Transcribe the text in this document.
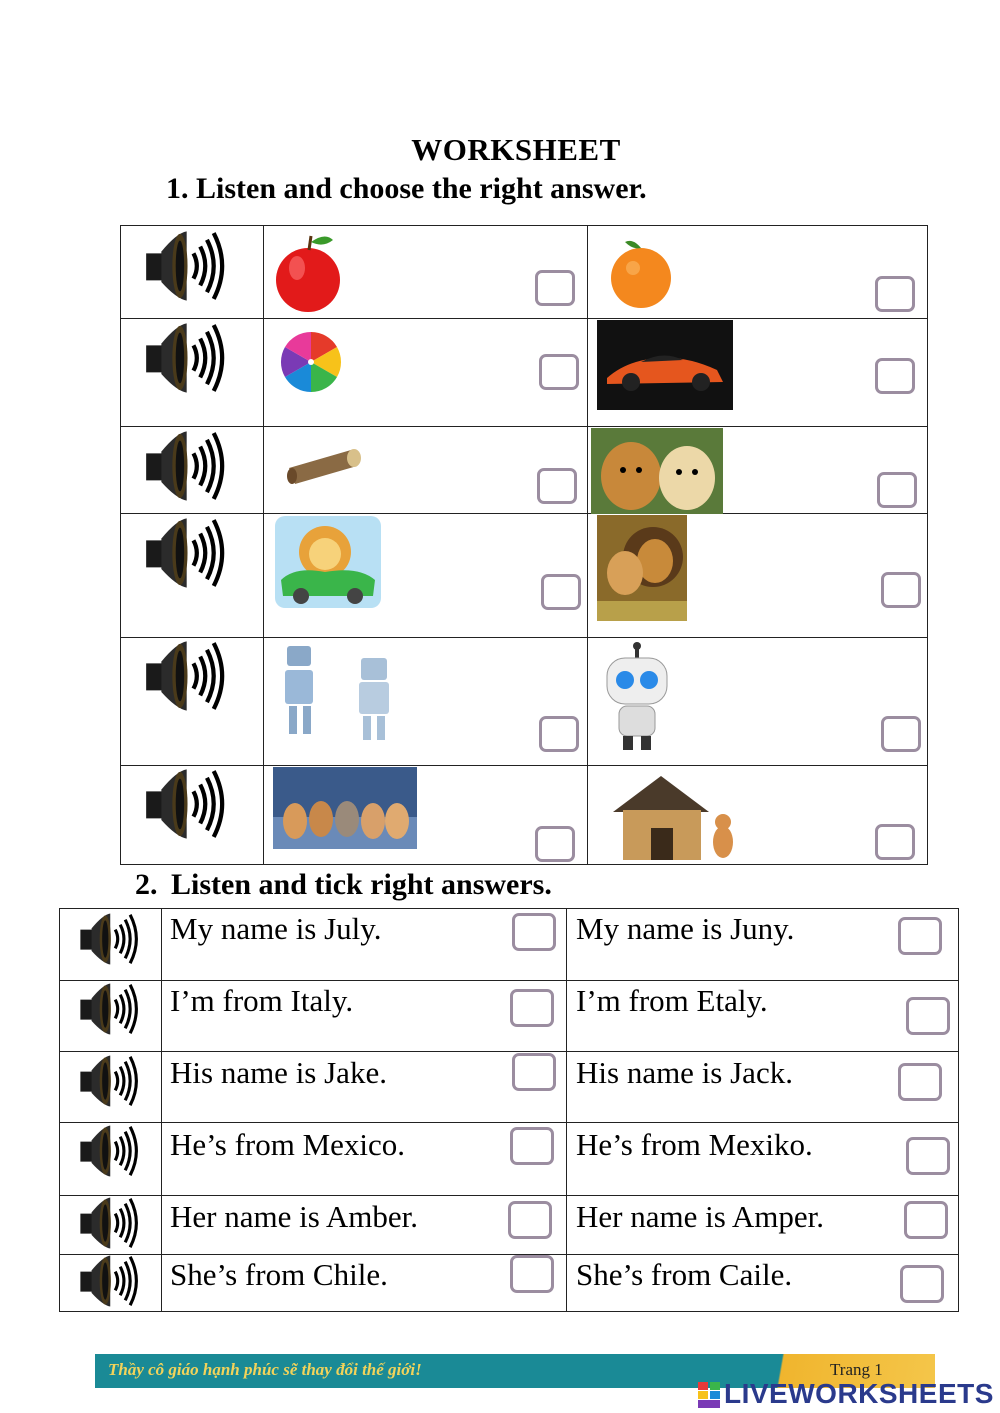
WORKSHEET
1. Listen and choose the right answer.
2. Listen and tick right answers.
My name is July.	My name is Juny.
I’m from Italy.	I’m from Etaly.
His name is Jake.	His name is Jack.
He’s from Mexico.	He’s from Mexiko.
Her name is Amber.	Her name is Amper.
She’s from Chile.	She’s from Caile.
Thầy cô giáo hạnh phúc sẽ thay đổi thế giới!	Trang 1
LIVEWORKSHEETS
